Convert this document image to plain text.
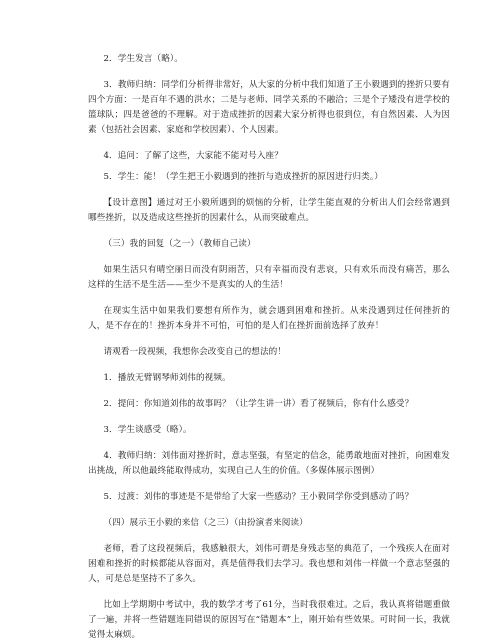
2．学生发言（略）。

3．教师归纳：同学们分析得非常好，从大家的分析中我们知道了王小毅遇到的挫折只要有四个方面：一是百年不遇的洪水；二是与老师、同学关系的不融洽；三是个子矮没有进学校的篮球队；四是爸爸的不理解。对于造成挫折的因素大家分析得也很到位，有自然因素、人为因素（包括社会因素、家庭和学校因素）、个人因素。

4．追问：了解了这些，大家能不能对号入座？

5．学生：能！（学生把王小毅遇到的挫折与造成挫折的原因进行归类。）

【设计意图】通过对王小毅所遇到的烦恼的分析，让学生能直观的分析出人们会经常遇到哪些挫折，以及造成这些挫折的因素什么，从而突破难点。

（三）我的回复（之一）（教师自己读）

如果生活只有晴空丽日而没有阴雨苦，只有幸福而没有悲哀，只有欢乐而没有痛苦，那么这样的生活不是生活——至少不是真实的人的生活！

在现实生活中如果我们要想有所作为，就会遇到困难和挫折。从来没遇到过任何挫折的人，是不存在的！挫折本身并不可怕，可怕的是人们在挫折面前选择了放弃！

请观看一段视频，我想你会改变自己的想法的！

1．播放无臂钢琴师刘伟的视频。

2．提问：你知道刘伟的故事吗？（让学生讲一讲）看了视频后，你有什么感受？

3．学生谈感受（略）。

4．教师归纳：刘伟面对挫折时，意志坚强，有坚定的信念，能勇敢地面对挫折，向困难发出挑战，所以他最终能取得成功，实现自己人生的价值。（多媒体展示图例）

5．过渡：刘伟的事迹是不是带给了大家一些感动？王小毅同学你受到感动了吗？

（四）展示王小毅的来信（之三）（由扮演者来阅读）

老师，看了这段视频后，我感触很大，刘伟可谓是身残志坚的典范了，一个残疾人在面对困难和挫折的时候都能从容面对，真是值得我们去学习。我也想和刘伟一样做一个意志坚强的人，可是总是坚持不了多久。

比如上学期期中考试中，我的数学才考了61分，当时我很难过。之后，我认真将错题重做了一遍，并将一些错题连同错误的原因写在“错题本”上，刚开始有些效果。可时间一长，我就觉得太麻烦。
